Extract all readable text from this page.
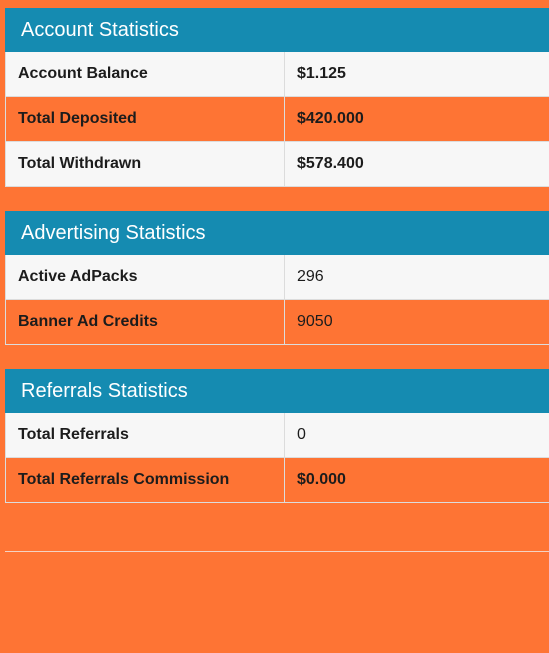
Account Statistics
Account Balance	$1.125
Total Deposited	$420.000
Total Withdrawn	$578.400
Advertising Statistics
Active AdPacks	296
Banner Ad Credits	9050
Referrals Statistics
Total Referrals	0
Total Referrals Commission	$0.000
